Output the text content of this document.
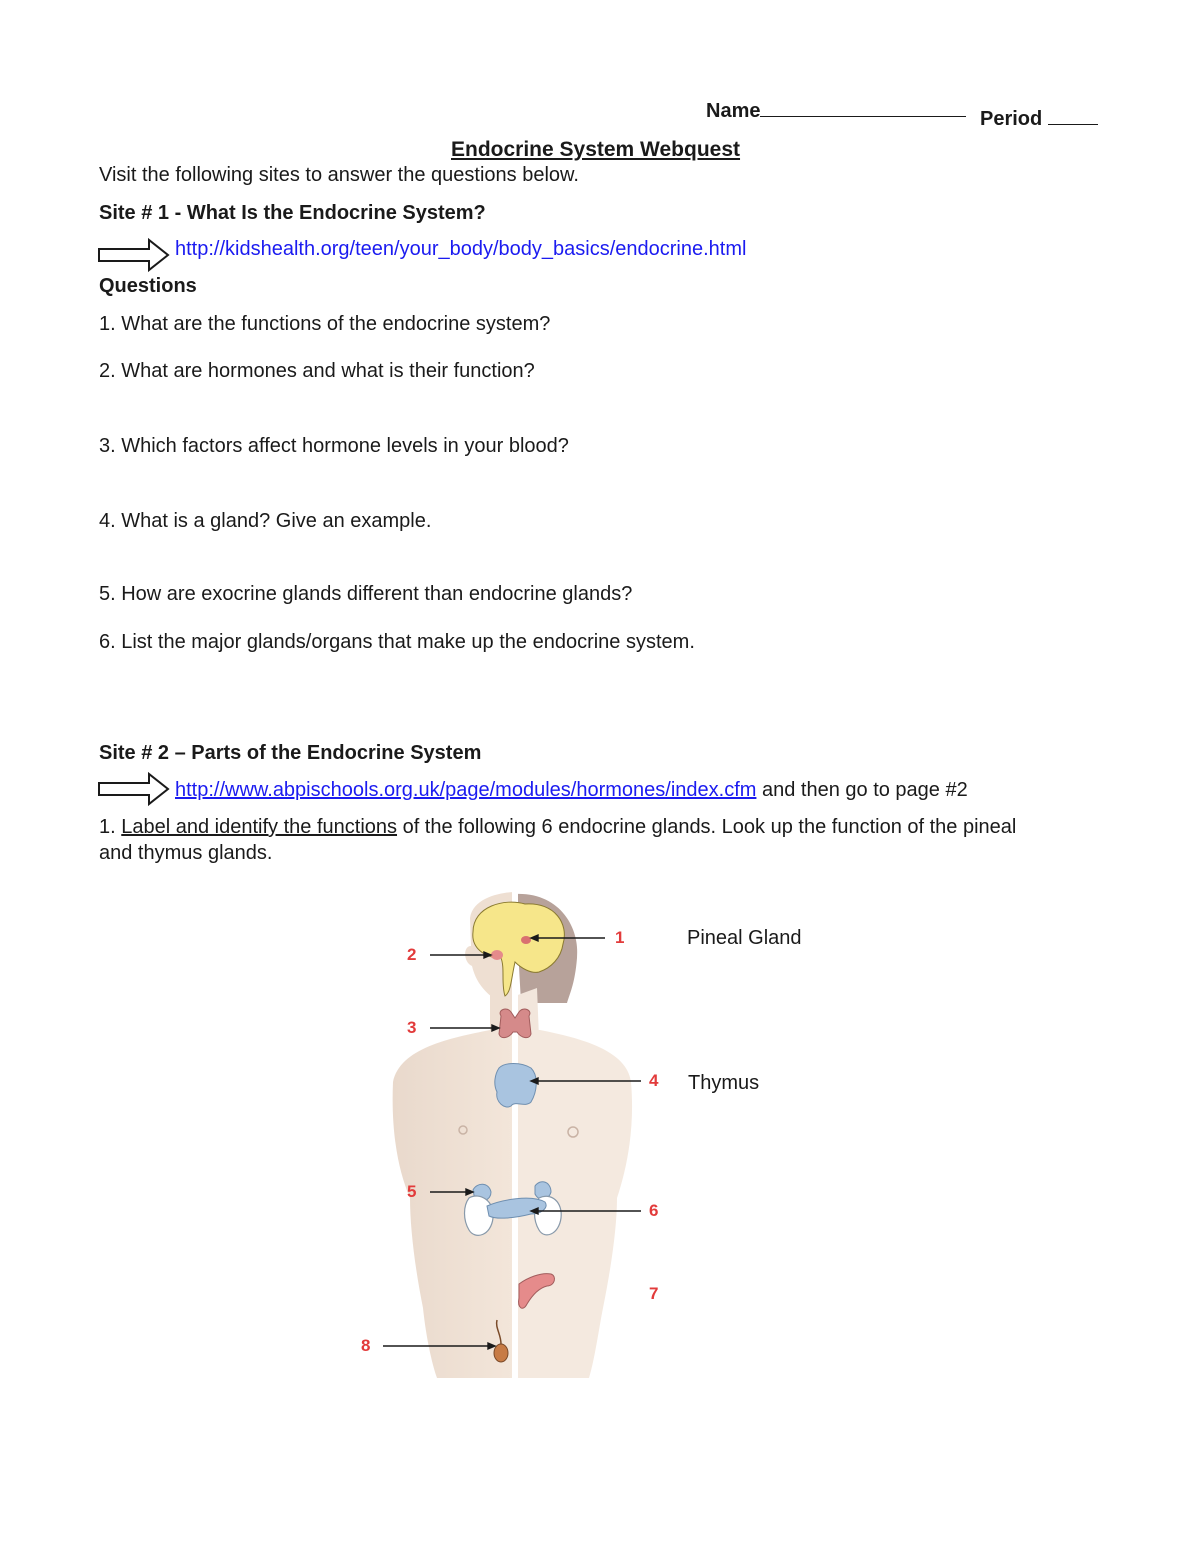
Name	Period
Endocrine System Webquest
Visit the following sites to answer the questions below.
Site # 1 - What Is the Endocrine System?
http://kidshealth.org/teen/your_body/body_basics/endocrine.html
Questions
1. What are the functions of the endocrine system?
2. What are hormones and what is their function?
3. Which factors affect hormone levels in your blood?
4. What is a gland? Give an example.
5. How are exocrine glands different than endocrine glands?
6. List the major glands/organs that make up the endocrine system.
Site # 2 – Parts of the Endocrine System
http://www.abpischools.org.uk/page/modules/hormones/index.cfm and then go to page #2
1. Label and identify the functions of the following 6 endocrine glands. Look up the function of the pineal
and thymus glands.
1
2
3
4
5
6
7
8
Pineal Gland
Thymus
